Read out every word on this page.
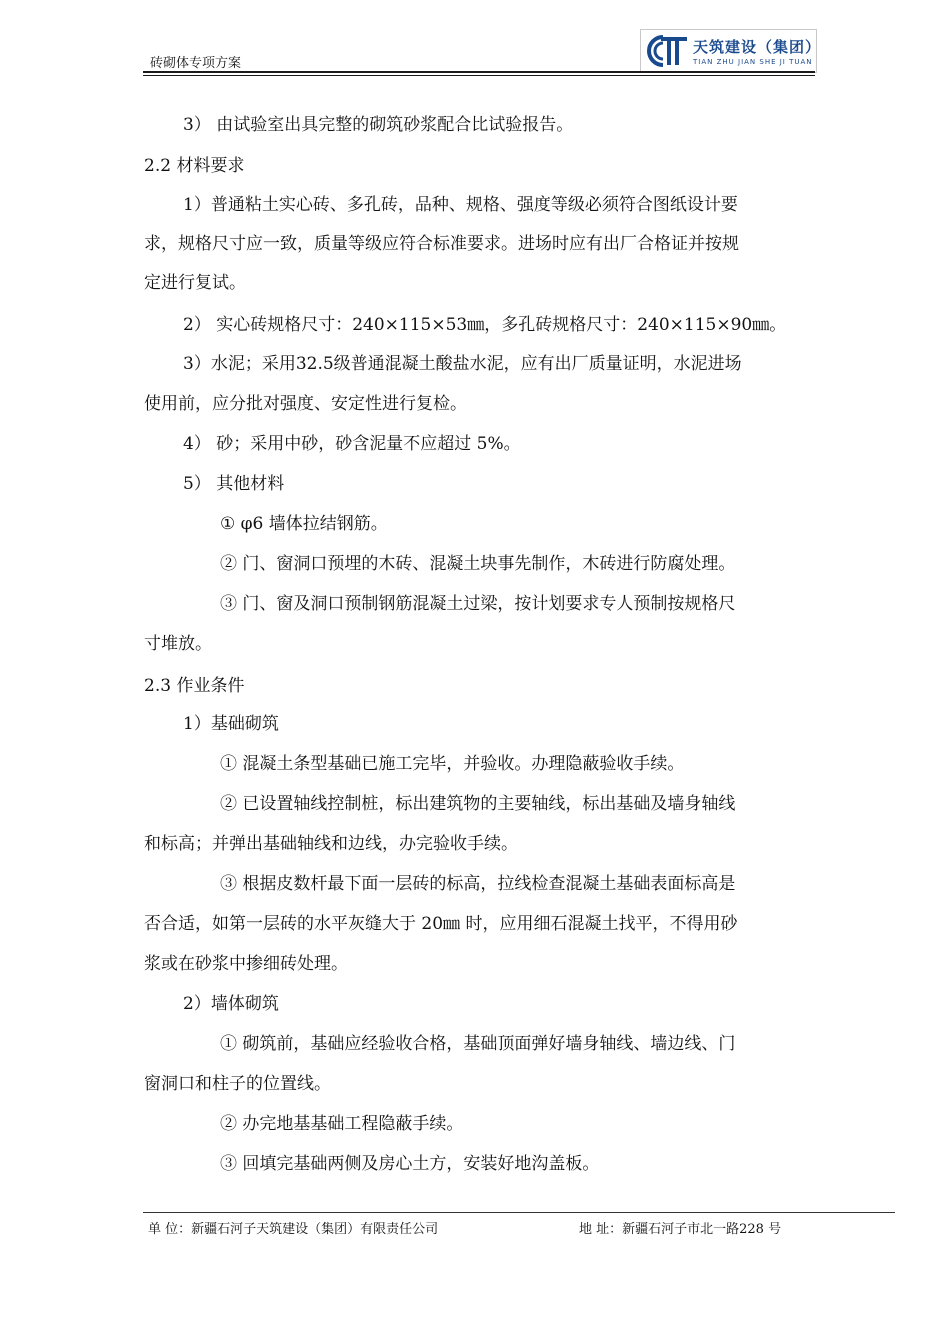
砖砌体专项方案
天筑建设（集团）
TIAN ZHU JIAN SHE JI TUAN
3） 由试验室出具完整的砌筑砂浆配合比试验报告。
2.2 材料要求
1）普通粘土实心砖、多孔砖，品种、规格、强度等级必须符合图纸设计要
求，规格尺寸应一致，质量等级应符合标准要求。进场时应有出厂合格证并按规
定进行复试。
2） 实心砖规格尺寸：240×115×53㎜，多孔砖规格尺寸：240×115×90㎜。
3）水泥；采用32.5级普通混凝土酸盐水泥，应有出厂质量证明，水泥进场
使用前，应分批对强度、安定性进行复检。
4） 砂；采用中砂，砂含泥量不应超过 5%。
5） 其他材料
① φ6 墙体拉结钢筋。
② 门、窗洞口预埋的木砖、混凝土块事先制作，木砖进行防腐处理。
③ 门、窗及洞口预制钢筋混凝土过梁，按计划要求专人预制按规格尺
寸堆放。
2.3 作业条件
1）基础砌筑
① 混凝土条型基础已施工完毕，并验收。办理隐蔽验收手续。
② 已设置轴线控制桩，标出建筑物的主要轴线，标出基础及墙身轴线
和标高；并弹出基础轴线和边线，办完验收手续。
③ 根据皮数杆最下面一层砖的标高，拉线检查混凝土基础表面标高是
否合适，如第一层砖的水平灰缝大于 20㎜ 时，应用细石混凝土找平，不得用砂
浆或在砂浆中掺细砖处理。
2）墙体砌筑
① 砌筑前，基础应经验收合格，基础顶面弹好墙身轴线、墙边线、门
窗洞口和柱子的位置线。
② 办完地基基础工程隐蔽手续。
③ 回填完基础两侧及房心土方，安装好地沟盖板。
单 位：新疆石河子天筑建设（集团）有限责任公司	地 址：新疆石河子市北一路228 号
